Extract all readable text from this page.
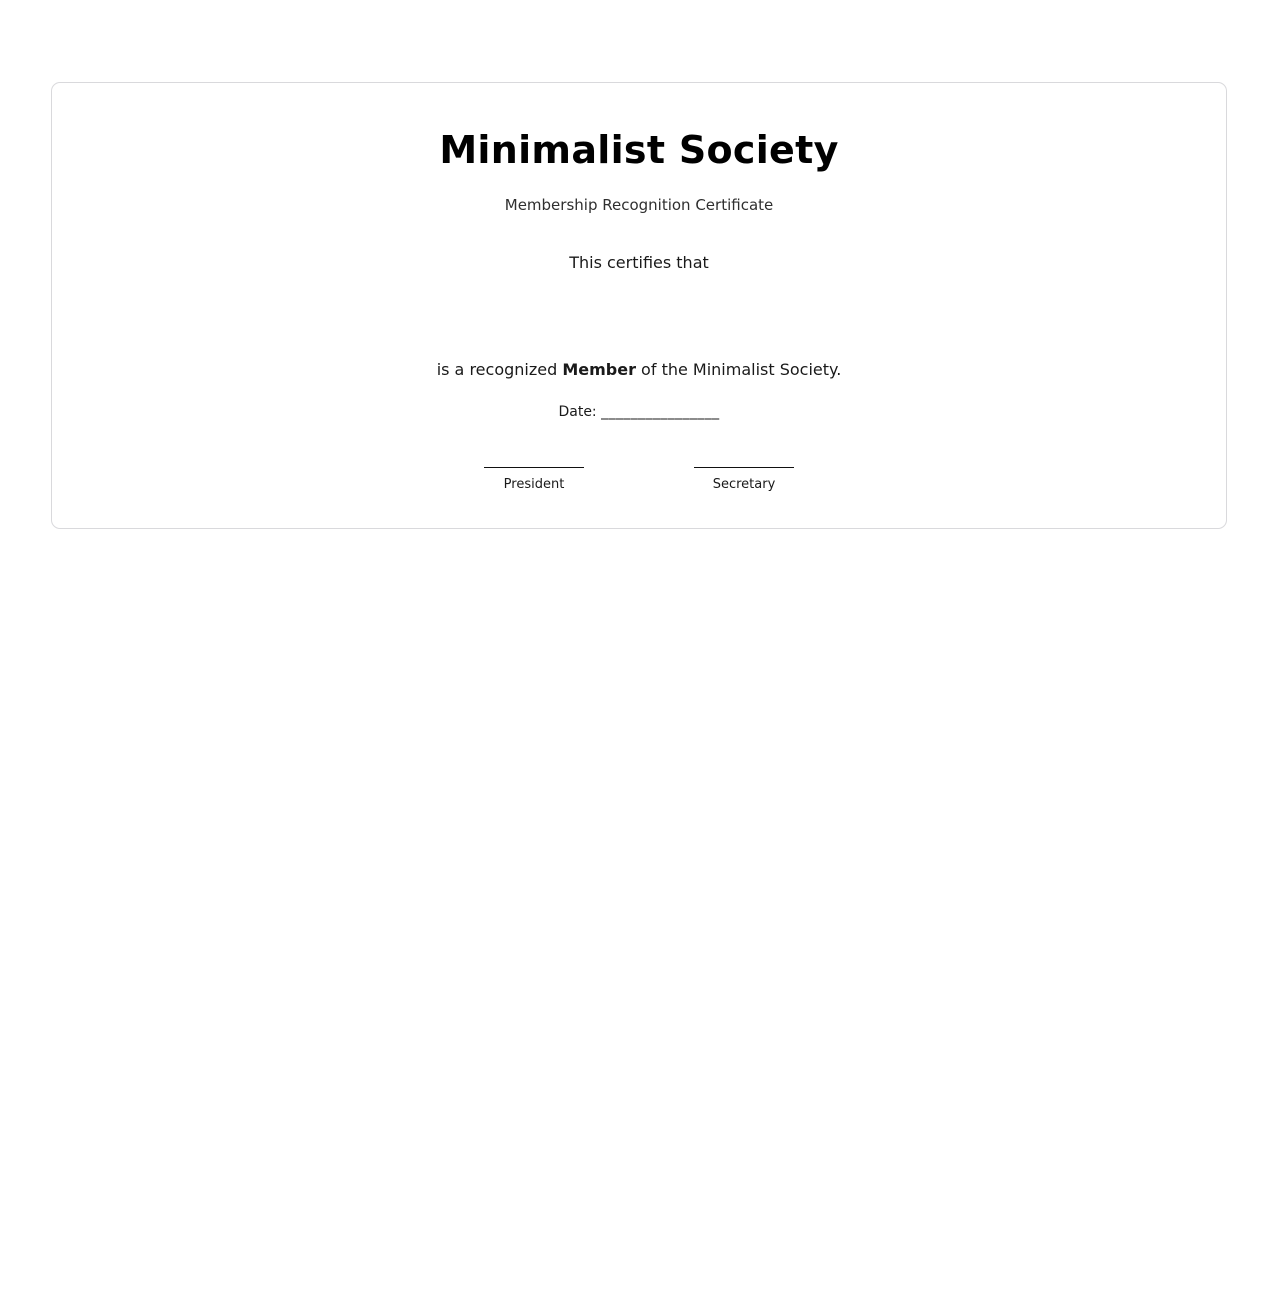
Minimalist Society

Membership Recognition Certificate

This certifies that

is a recognized Member of the Minimalist Society.

Date: ________________

President	Secretary
